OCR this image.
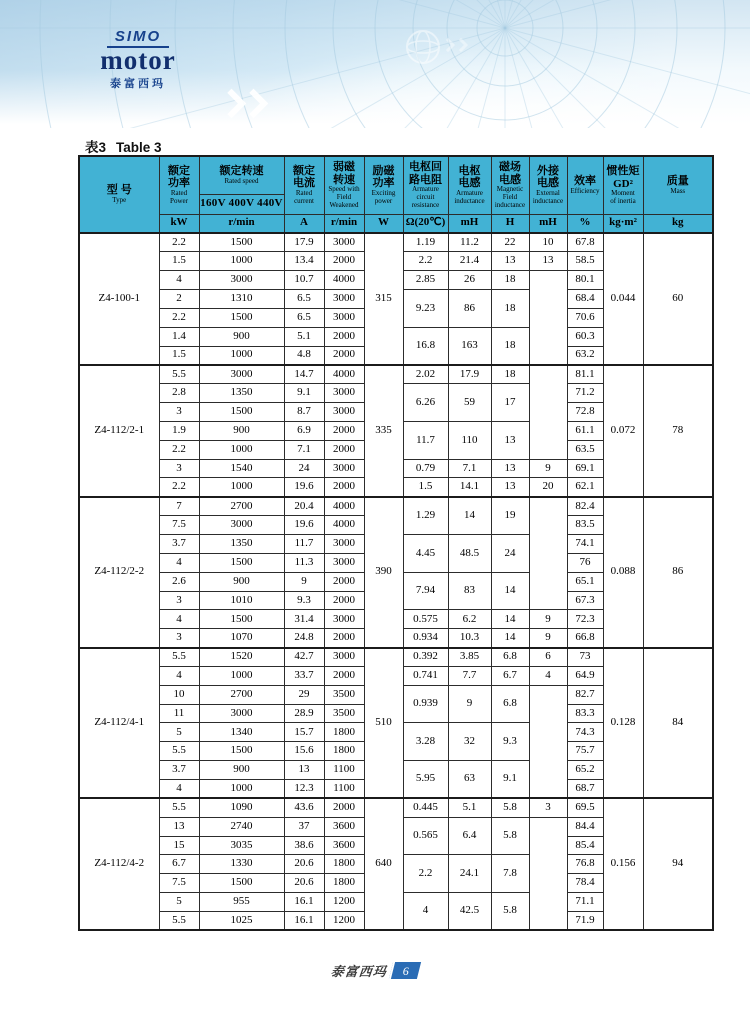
SIMO
motor
泰富西玛
表3 Table 3
型 号
Type

额定
功率
Rated
Power

额定转速
Rated speed

额定
电流
Rated
current

弱磁
转速
Speed with
Field
Weakened

励磁
功率
Exciting
power

电枢回
路电阻
Armature
circuit
resistance

电枢
电感
Armature
inductance

磁场
电感
Magnetic
Field
inductance

外接
电感
External
inductance

效率
Efficiency

惯性矩
GD²
Moment
of inertia

质量
Mass

		160V 400V 440V										
	kW	r/min	A	r/min	W	Ω(20℃)	mH	H	mH	%	kg·m²	kg
Z4-100-1	2.2	1500	17.9	3000	315	1.19	11.2	22	10	67.8	0.044	60
	1.5	1000	13.4	2000		2.2	21.4	13	13	58.5		
	4	3000	10.7	4000		2.85	26	18		80.1		
	2	1310	6.5	3000		9.23	86	18		68.4		
	2.2	1500	6.5	3000						70.6		
	1.4	900	5.1	2000		16.8	163	18		60.3		
	1.5	1000	4.8	2000						63.2		
Z4-112/2-1	5.5	3000	14.7	4000	335	2.02	17.9	18		81.1	0.072	78
	2.8	1350	9.1	3000		6.26	59	17		71.2		
	3	1500	8.7	3000						72.8		
	1.9	900	6.9	2000		11.7	110	13		61.1		
	2.2	1000	7.1	2000						63.5		
	3	1540	24	3000		0.79	7.1	13	9	69.1		
	2.2	1000	19.6	2000		1.5	14.1	13	20	62.1		
Z4-112/2-2	7	2700	20.4	4000	390	1.29	14	19		82.4	0.088	86
	7.5	3000	19.6	4000						83.5		
	3.7	1350	11.7	3000		4.45	48.5	24		74.1		
	4	1500	11.3	3000						76		
	2.6	900	9	2000		7.94	83	14		65.1		
	3	1010	9.3	2000						67.3		
	4	1500	31.4	3000		0.575	6.2	14	9	72.3		
	3	1070	24.8	2000		0.934	10.3	14	9	66.8		
Z4-112/4-1	5.5	1520	42.7	3000	510	0.392	3.85	6.8	6	73	0.128	84
	4	1000	33.7	2000		0.741	7.7	6.7	4	64.9		
	10	2700	29	3500		0.939	9	6.8		82.7		
	11	3000	28.9	3500						83.3		
	5	1340	15.7	1800		3.28	32	9.3		74.3		
	5.5	1500	15.6	1800						75.7		
	3.7	900	13	1100		5.95	63	9.1		65.2		
	4	1000	12.3	1100						68.7		
Z4-112/4-2	5.5	1090	43.6	2000	640	0.445	5.1	5.8	3	69.5	0.156	94
	13	2740	37	3600		0.565	6.4	5.8		84.4		
	15	3035	38.6	3600						85.4		
	6.7	1330	20.6	1800		2.2	24.1	7.8		76.8		
	7.5	1500	20.6	1800						78.4		
	5	955	16.1	1200		4	42.5	5.8		71.1		
	5.5	1025	16.1	1200						71.9		
泰富西玛	6
